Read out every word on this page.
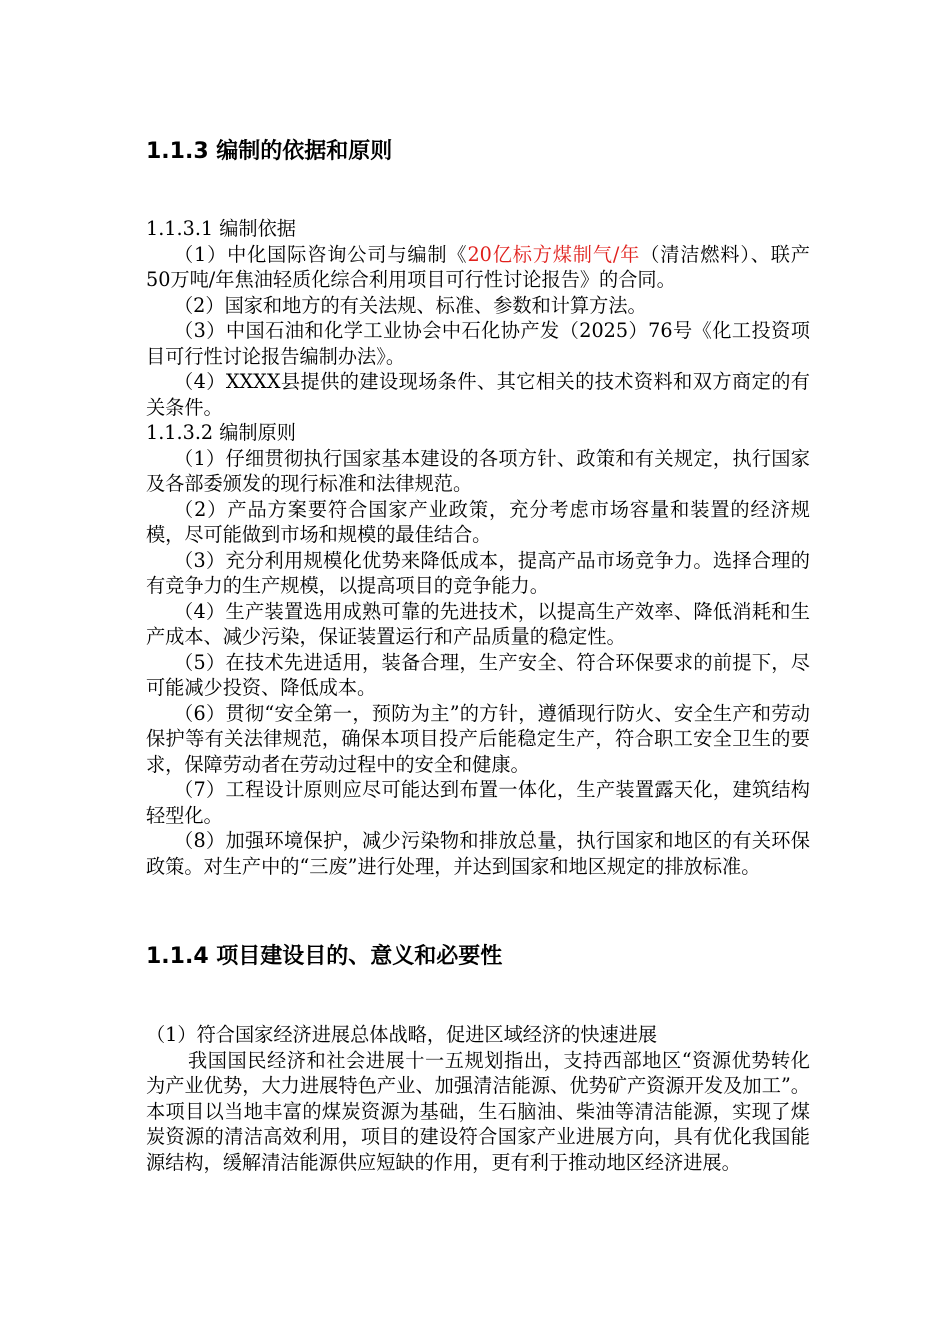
1.1.3 编制的依据和原则

1.1.3.1 编制依据

（1）中化国际咨询公司与编制《20亿标方煤制气/年（清洁燃料）、联产 50万吨/年焦油轻质化综合利用项目可行性讨论报告》的合同。

（2）国家和地方的有关法规、标准、参数和计算方法。

（3）中国石油和化学工业协会中石化协产发（2025）76号《化工投资项目可行性讨论报告编制办法》。

（4）XXXX县提供的建设现场条件、其它相关的技术资料和双方商定的有关条件。

1.1.3.2 编制原则

（1）仔细贯彻执行国家基本建设的各项方针、政策和有关规定，执行国家及各部委颁发的现行标准和法律规范。

（2）产品方案要符合国家产业政策，充分考虑市场容量和装置的经济规模，尽可能做到市场和规模的最佳结合。

（3）充分利用规模化优势来降低成本，提高产品市场竞争力。选择合理的有竞争力的生产规模，以提高项目的竞争能力。

（4）生产装置选用成熟可靠的先进技术，以提高生产效率、降低消耗和生产成本、减少污染，保证装置运行和产品质量的稳定性。

（5）在技术先进适用，装备合理，生产安全、符合环保要求的前提下，尽可能减少投资、降低成本。

（6）贯彻“安全第一，预防为主”的方针，遵循现行防火、安全生产和劳动保护等有关法律规范，确保本项目投产后能稳定生产，符合职工安全卫生的要求，保障劳动者在劳动过程中的安全和健康。

（7）工程设计原则应尽可能达到布置一体化，生产装置露天化，建筑结构轻型化。

（8）加强环境保护，减少污染物和排放总量，执行国家和地区的有关环保政策。对生产中的“三废”进行处理，并达到国家和地区规定的排放标准。

1.1.4 项目建设目的、意义和必要性

（1）符合国家经济进展总体战略，促进区域经济的快速进展

我国国民经济和社会进展十一五规划指出，支持西部地区“资源优势转化为产业优势，大力进展特色产业、加强清洁能源、优势矿产资源开发及加工”。本项目以当地丰富的煤炭资源为基础，生石脑油、柴油等清洁能源，实现了煤炭资源的清洁高效利用，项目的建设符合国家产业进展方向，具有优化我国能源结构，缓解清洁能源供应短缺的作用，更有利于推动地区经济进展。
